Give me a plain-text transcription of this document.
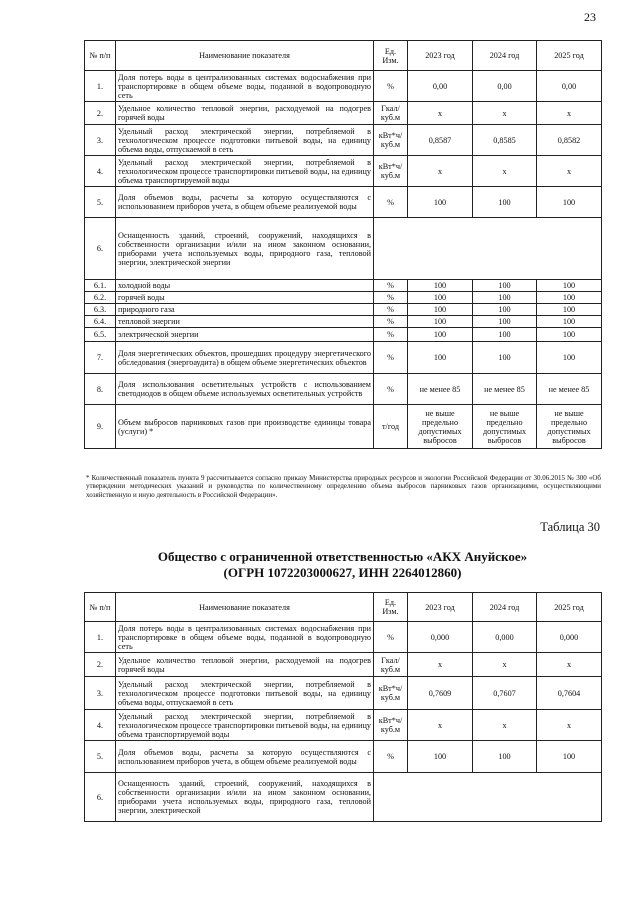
23
№ п/п	Наименование показателя	Ед. Изм.	2023 год	2024 год	2025 год
1.	Доля потерь воды в централизованных системах водоснабжения при транспортировке в общем объеме воды, поданной в водопроводную сеть	%	0,00	0,00	0,00
2.	Удельное количество тепловой энергии, расходуемой на подогрев горячей воды	Гкал/ куб.м	х	х	х
3.	Удельный расход электрической энергии, потребляемой в технологическом процессе подготовки питьевой воды, на единицу объема воды, отпускаемой в сеть	кВт*ч/ куб.м	0,8587	0,8585	0,8582
4.	Удельный расход электрической энергии, потребляемой в технологическом процессе транспортировки питьевой воды, на единицу объема транспортируемой воды	кВт*ч/ куб.м	х	х	х
5.	Доля объемов воды, расчеты за которую осуществляются с использованием приборов учета, в общем объеме реализуемой воды	%	100	100	100
6.	Оснащенность зданий, строений, сооружений, находящихся в собственности организации и/или на ином законном основании, приборами учета используемых воды, природного газа, тепловой энергии, электрической энергии				
6.1.	холодной воды	%	100	100	100
6.2.	горячей воды	%	100	100	100
6.3.	природного газа	%	100	100	100
6.4.	тепловой энергии	%	100	100	100
6.5.	электрической энергии	%	100	100	100
7.	Доля энергетических объектов, прошедших процедуру энергетического обследования (энергоаудита) в общем объеме энергетических объектов	%	100	100	100
8.	Доля использования осветительных устройств с использованием светодиодов в общем объеме используемых осветительных устройств	%	не менее 85	не менее 85	не менее 85
9.	Объем выбросов парниковых газов при производстве единицы товара (услуги) *	т/год	не выше предельно допустимых выбросов	не выше предельно допустимых выбросов	не выше предельно допустимых выбросов
* Количественный показатель пункта 9 рассчитывается согласно приказу Министерства природных ресурсов и экологии Российской Федерации от 30.06.2015 № 300 «Об утверждении методических указаний и руководства по количественному определению объема выбросов парниковых газов организациями, осуществляющими хозяйственную и иную деятельность в Российской Федерации».
Таблица 30
Общество с ограниченной ответственностью «АКХ Ануйское»
(ОГРН 1072203000627, ИНН 2264012860)
№ п/п	Наименование показателя	Ед. Изм.	2023 год	2024 год	2025 год
1.	Доля потерь воды в централизованных системах водоснабжения при транспортировке в общем объеме воды, поданной в водопроводную сеть	%	0,000	0,000	0,000
2.	Удельное количество тепловой энергии, расходуемой на подогрев горячей воды	Гкал/ куб.м	х	х	х
3.	Удельный расход электрической энергии, потребляемой в технологическом процессе подготовки питьевой воды, на единицу объема воды, отпускаемой в сеть	кВт*ч/ куб.м	0,7609	0,7607	0,7604
4.	Удельный расход электрической энергии, потребляемой в технологическом процессе транспортировки питьевой воды, на единицу объема транспортируемой воды	кВт*ч/ куб.м	х	х	х
5.	Доля объемов воды, расчеты за которую осуществляются с использованием приборов учета, в общем объеме реализуемой воды	%	100	100	100
6.	Оснащенность зданий, строений, сооружений, находящихся в собственности организации и/или на ином законном основании, приборами учета используемых воды, природного газа, тепловой энергии, электрической				
